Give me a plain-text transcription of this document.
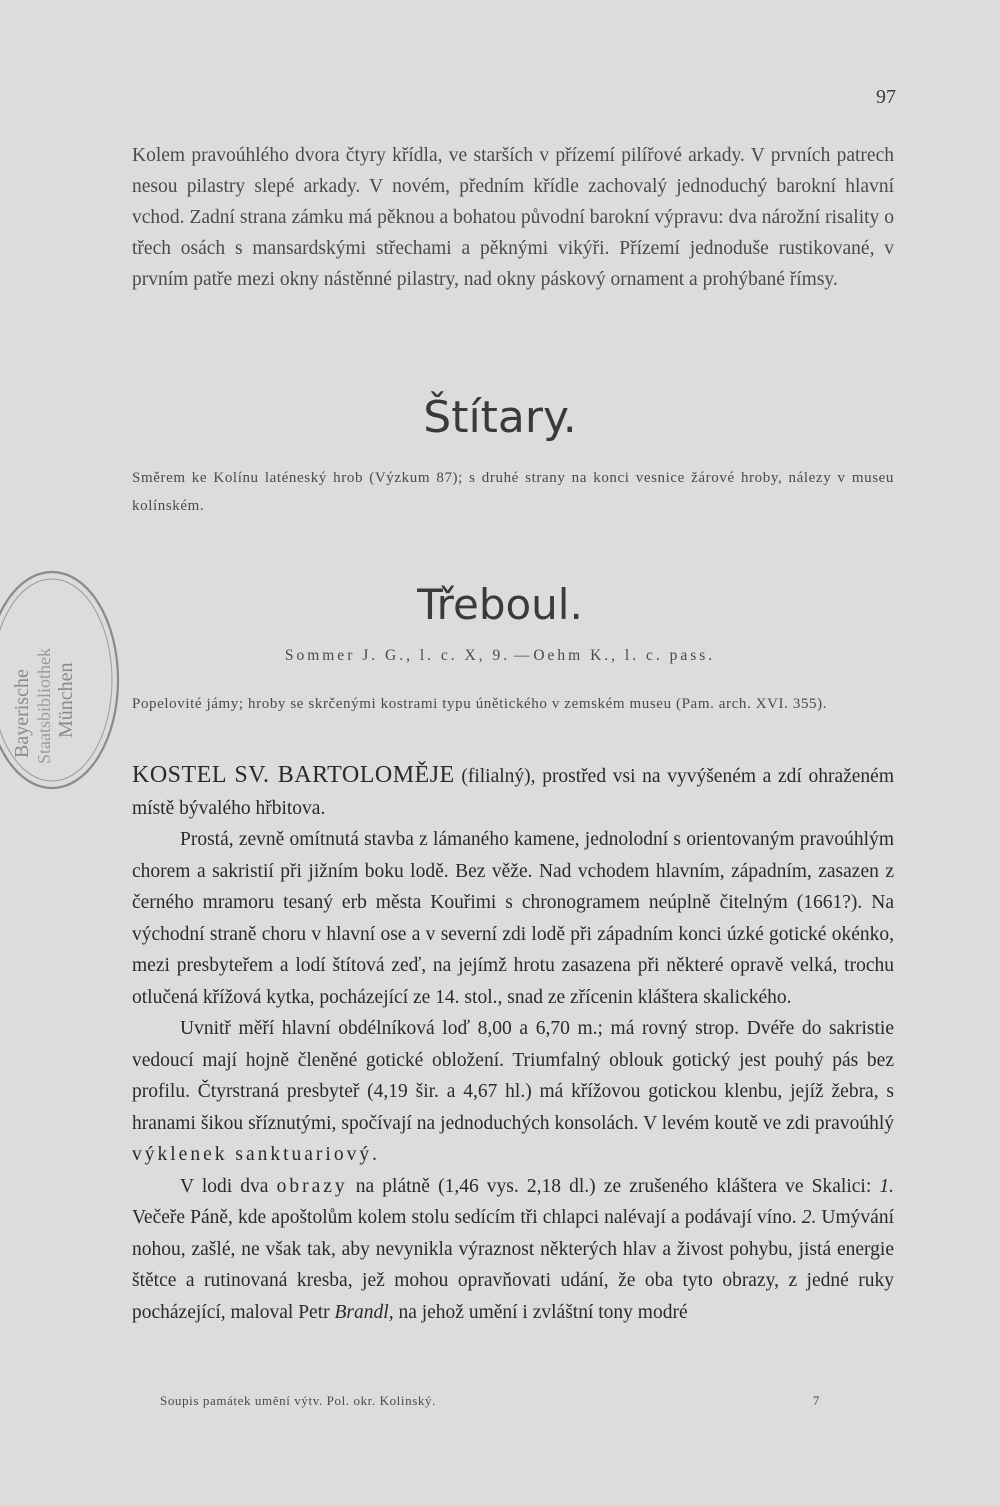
97

Kolem pravoúhlého dvora čtyry křídla, ve starších v přízemí pilířové arkady. V prvních patrech nesou pilastry slepé arkady. V novém, předním křídle zachovalý jednoduchý barokní hlavní vchod. Zadní strana zámku má pěknou a bohatou původní barokní výpravu: dva nárožní risality o třech osách s mansardskými střechami a pěknými vikýři. Přízemí jednoduše rustikované, v prvním patře mezi okny nástěnné pilastry, nad okny páskový ornament a prohýbané římsy.

Štítary.

Směrem ke Kolínu laténeský hrob (Výzkum 87); s druhé strany na konci vesnice žárové hroby, nálezy v museu kolínském.

Třeboul.

Sommer J. G., l. c. X, 9. — Oehm K., l. c. pass.

Popelovité jámy; hroby se skrčenými kostrami typu únětického v zemském museu (Pam. arch. XVI. 355).

KOSTEL SV. BARTOLOMĚJE (filialný), prostřed vsi na vyvýšeném a zdí ohraženém místě bývalého hřbitova.

Prostá, zevně omítnutá stavba z lámaného kamene, jednolodní s orientovaným pravoúhlým chorem a sakristií při jižním boku lodě. Bez věže. Nad vchodem hlavním, západním, zasazen z černého mramoru tesaný erb města Kouřimi s chronogramem neúplně čitelným (1661?). Na východní straně choru v hlavní ose a v severní zdi lodě při západním konci úzké gotické okénko, mezi presbyteřem a lodí štítová zeď, na jejímž hrotu zasazena při některé opravě velká, trochu otlučená křížová kytka, pocházející ze 14. stol., snad ze zřícenin kláštera skalického.

Uvnitř měří hlavní obdélníková loď 8,00 a 6,70 m.; má rovný strop. Dvéře do sakristie vedoucí mají hojně členěné gotické obložení. Triumfalný oblouk gotický jest pouhý pás bez profilu. Čtyrstraná presbyteř (4,19 šir. a 4,67 hl.) má křížovou gotickou klenbu, jejíž žebra, s hranami šikou sříznutými, spočívají na jednoduchých konsolách. V levém koutě ve zdi pravoúhlý výklenek sanktuariový.

V lodi dva obrazy na plátně (1,46 vys. 2,18 dl.) ze zrušeného kláštera ve Skalici: 1. Večeře Páně, kde apoštolům kolem stolu sedícím tři chlapci nalévají a podávají víno. 2. Umývání nohou, zašlé, ne však tak, aby nevynikla výraznost některých hlav a živost pohybu, jistá energie štětce a rutinovaná kresba, jež mohou opravňovati udání, že oba tyto obrazy, z jedné ruky pocházející, maloval Petr Brandl, na jehož umění i zvláštní tony modré

Soupis památek umění výtv. Pol. okr. Kolinský.	7
Bayerische Staatsbibliothek München
